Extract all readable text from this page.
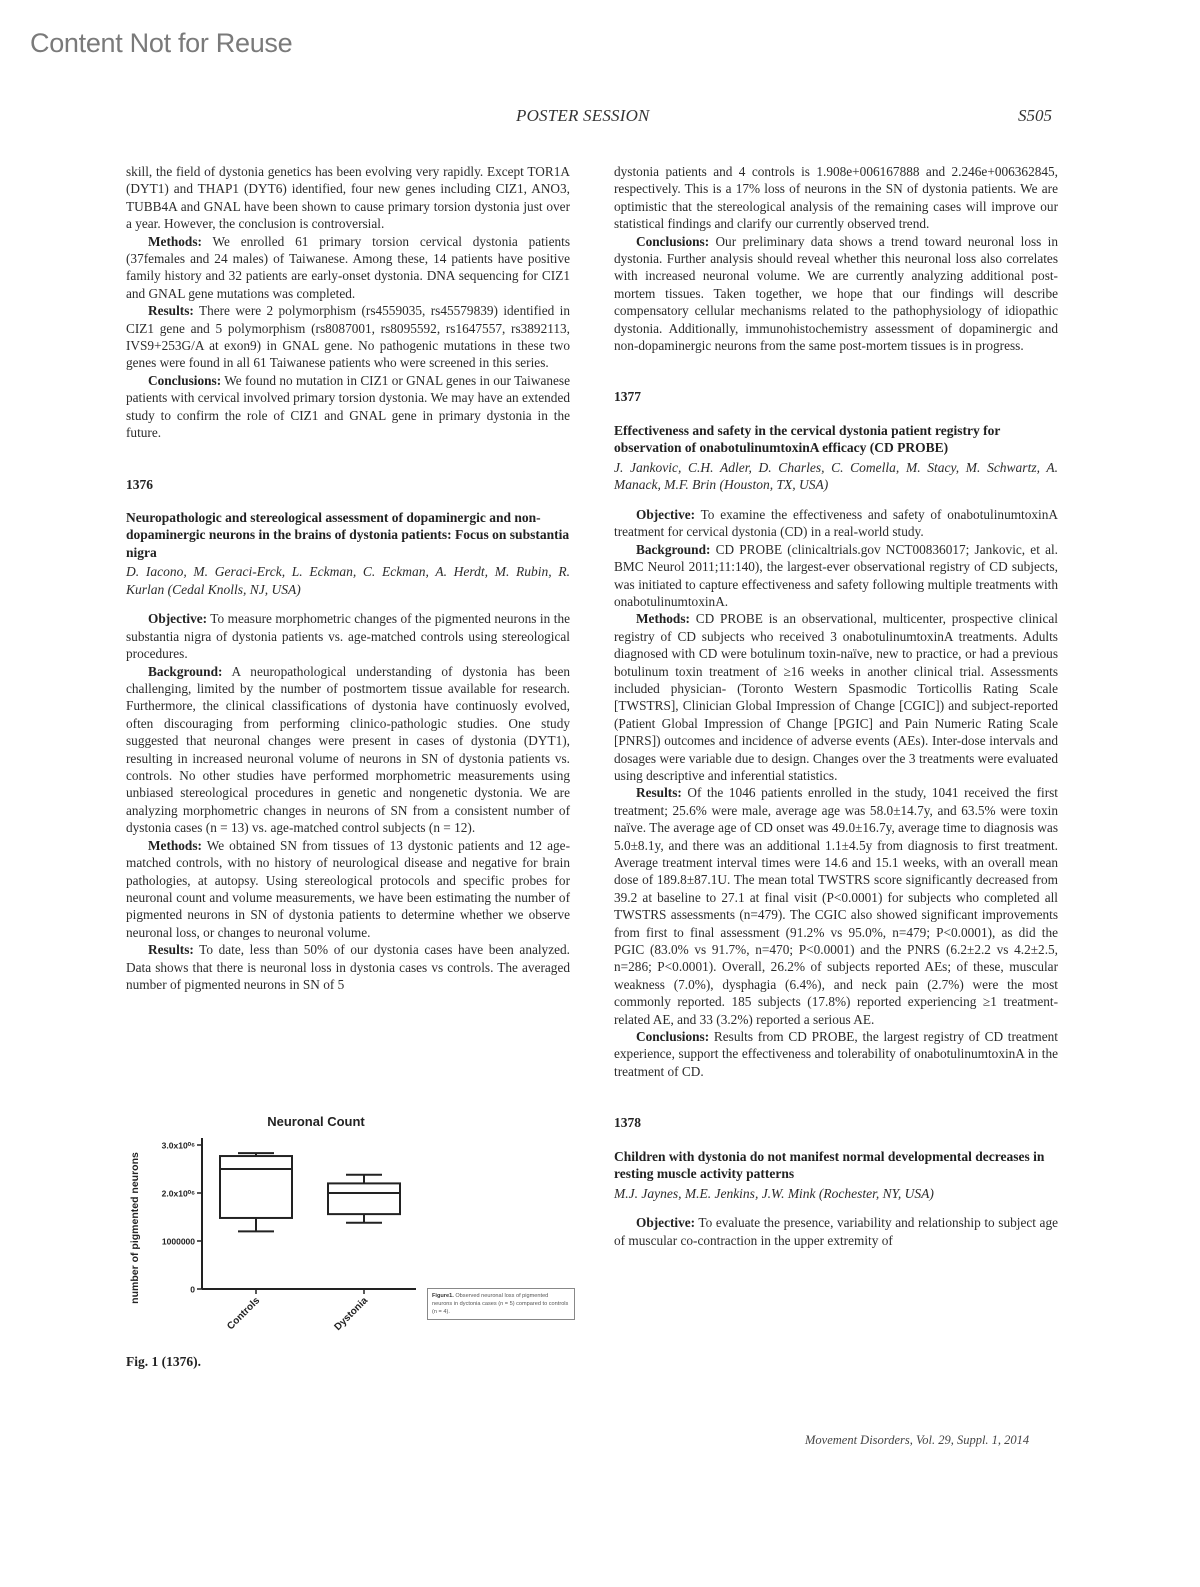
Content Not for Reuse
POSTER SESSION	S505

skill, the field of dystonia genetics has been evolving very rapidly. Except TOR1A (DYT1) and THAP1 (DYT6) identified, four new genes including CIZ1, ANO3, TUBB4A and GNAL have been shown to cause primary torsion dystonia just over a year. However, the conclusion is controversial.

Methods: We enrolled 61 primary torsion cervical dystonia patients (37females and 24 males) of Taiwanese. Among these, 14 patients have positive family history and 32 patients are early-onset dystonia. DNA sequencing for CIZ1 and GNAL gene mutations was completed.

Results: There were 2 polymorphism (rs4559035, rs45579839) identified in CIZ1 gene and 5 polymorphism (rs8087001, rs8095592, rs1647557, rs3892113, IVS9+253G/A at exon9) in GNAL gene. No pathogenic mutations in these two genes were found in all 61 Taiwanese patients who were screened in this series.

Conclusions: We found no mutation in CIZ1 or GNAL genes in our Taiwanese patients with cervical involved primary torsion dystonia. We may have an extended study to confirm the role of CIZ1 and GNAL gene in primary dystonia in the future.

1376
Neuropathologic and stereological assessment of dopaminergic and non-dopaminergic neurons in the brains of dystonia patients: Focus on substantia nigra
D. Iacono, M. Geraci-Erck, L. Eckman, C. Eckman, A. Herdt, M. Rubin, R. Kurlan (Cedal Knolls, NJ, USA)

Objective: To measure morphometric changes of the pigmented neurons in the substantia nigra of dystonia patients vs. age-matched controls using stereological procedures.

Background: A neuropathological understanding of dystonia has been challenging, limited by the number of postmortem tissue available for research. Furthermore, the clinical classifications of dystonia have continuosly evolved, often discouraging from performing clinico-pathologic studies. One study suggested that neuronal changes were present in cases of dystonia (DYT1), resulting in increased neuronal volume of neurons in SN of dystonia patients vs. controls. No other studies have performed morphometric measurements using unbiased stereological procedures in genetic and nongenetic dystonia. We are analyzing morphometric changes in neurons of SN from a consistent number of dystonia cases (n = 13) vs. age-matched control subjects (n = 12).

Methods: We obtained SN from tissues of 13 dystonic patients and 12 age-matched controls, with no history of neurological disease and negative for brain pathologies, at autopsy. Using stereological protocols and specific probes for neuronal count and volume measurements, we have been estimating the number of pigmented neurons in SN of dystonia patients to determine whether we observe neuronal loss, or changes to neuronal volume.

Results: To date, less than 50% of our dystonia cases have been analyzed. Data shows that there is neuronal loss in dystonia cases vs controls. The averaged number of pigmented neurons in SN of 5

Neuronal Count
number of pigmented neurons	0
1000000
2.0x10⁰⁶
3.0x10⁰⁶
Controls	Dystonia	Figure1. Observed neuronal loss of pigmented neurons in dyctonia cases (n = 5) compared to controls (n = 4).
Fig. 1 (1376).

dystonia patients and 4 controls is 1.908e+006167888 and 2.246e+006362845, respectively. This is a 17% loss of neurons in the SN of dystonia patients. We are optimistic that the stereological analysis of the remaining cases will improve our statistical findings and clarify our currently observed trend.

Conclusions: Our preliminary data shows a trend toward neuronal loss in dystonia. Further analysis should reveal whether this neuronal loss also correlates with increased neuronal volume. We are currently analyzing additional post-mortem tissues. Taken together, we hope that our findings will describe compensatory cellular mechanisms related to the pathophysiology of idiopathic dystonia. Additionally, immunohistochemistry assessment of dopaminergic and non-dopaminergic neurons from the same post-mortem tissues is in progress.

1377
Effectiveness and safety in the cervical dystonia patient registry for observation of onabotulinumtoxinA efficacy (CD PROBE)
J. Jankovic, C.H. Adler, D. Charles, C. Comella, M. Stacy, M. Schwartz, A. Manack, M.F. Brin (Houston, TX, USA)

Objective: To examine the effectiveness and safety of onabotulinumtoxinA treatment for cervical dystonia (CD) in a real-world study.

Background: CD PROBE (clinicaltrials.gov NCT00836017; Jankovic, et al. BMC Neurol 2011;11:140), the largest-ever observational registry of CD subjects, was initiated to capture effectiveness and safety following multiple treatments with onabotulinumtoxinA.

Methods: CD PROBE is an observational, multicenter, prospective clinical registry of CD subjects who received 3 onabotulinumtoxinA treatments. Adults diagnosed with CD were botulinum toxin-naïve, new to practice, or had a previous botulinum toxin treatment of ≥16 weeks in another clinical trial. Assessments included physician- (Toronto Western Spasmodic Torticollis Rating Scale [TWSTRS], Clinician Global Impression of Change [CGIC]) and subject-reported (Patient Global Impression of Change [PGIC] and Pain Numeric Rating Scale [PNRS]) outcomes and incidence of adverse events (AEs). Inter-dose intervals and dosages were variable due to design. Changes over the 3 treatments were evaluated using descriptive and inferential statistics.

Results: Of the 1046 patients enrolled in the study, 1041 received the first treatment; 25.6% were male, average age was 58.0±14.7y, and 63.5% were toxin naïve. The average age of CD onset was 49.0±16.7y, average time to diagnosis was 5.0±8.1y, and there was an additional 1.1±4.5y from diagnosis to first treatment. Average treatment interval times were 14.6 and 15.1 weeks, with an overall mean dose of 189.8±87.1U. The mean total TWSTRS score significantly decreased from 39.2 at baseline to 27.1 at final visit (P<0.0001) for subjects who completed all TWSTRS assessments (n=479). The CGIC also showed significant improvements from first to final assessment (91.2% vs 95.0%, n=479; P<0.0001), as did the PGIC (83.0% vs 91.7%, n=470; P<0.0001) and the PNRS (6.2±2.2 vs 4.2±2.5, n=286; P<0.0001). Overall, 26.2% of subjects reported AEs; of these, muscular weakness (7.0%), dysphagia (6.4%), and neck pain (2.7%) were the most commonly reported. 185 subjects (17.8%) reported experiencing ≥1 treatment-related AE, and 33 (3.2%) reported a serious AE.

Conclusions: Results from CD PROBE, the largest registry of CD treatment experience, support the effectiveness and tolerability of onabotulinumtoxinA in the treatment of CD.

1378
Children with dystonia do not manifest normal developmental decreases in resting muscle activity patterns
M.J. Jaynes, M.E. Jenkins, J.W. Mink (Rochester, NY, USA)

Objective: To evaluate the presence, variability and relationship to subject age of muscular co-contraction in the upper extremity of

Movement Disorders, Vol. 29, Suppl. 1, 2014
